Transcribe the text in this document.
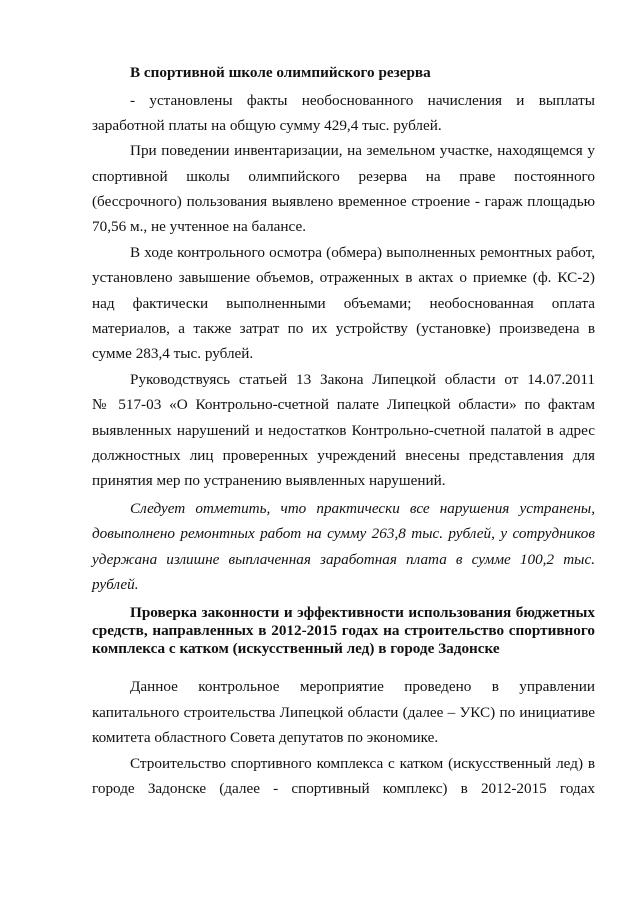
В спортивной школе олимпийского резерва
- установлены факты необоснованного начисления и выплаты
заработной платы на общую сумму 429,4 тыс. рублей.
При поведении инвентаризации, на земельном участке, находящемся у
спортивной школы олимпийского резерва на праве постоянного
(бессрочного) пользования выявлено временное строение - гараж площадью
70,56 м., не учтенное на балансе.
В ходе контрольного осмотра (обмера) выполненных ремонтных работ,
установлено завышение объемов, отраженных в актах о приемке (ф. КС-2)
над фактически выполненными объемами; необоснованная оплата
материалов, а также затрат по их устройству (установке) произведена в
сумме 283,4 тыс. рублей.
Руководствуясь статьей 13 Закона Липецкой области от 14.07.2011
№ 517-03 «О Контрольно-счетной палате Липецкой области» по фактам
выявленных нарушений и недостатков Контрольно-счетной палатой в адрес
должностных лиц проверенных учреждений внесены представления для
принятия мер по устранению выявленных нарушений.
Следует отметить, что практически все нарушения устранены,
довыполнено ремонтных работ на сумму 263,8 тыс. рублей, у сотрудников
удержана излишне выплаченная заработная плата в сумме 100,2 тыс.
рублей.
Проверка законности и эффективности использования бюджетных
средств, направленных в 2012-2015 годах на строительство спортивного
комплекса с катком (искусственный лед) в городе Задонске
Данное контрольное мероприятие проведено в управлении
капитального строительства Липецкой области (далее – УКС) по инициативе
комитета областного Совета депутатов по экономике.
Строительство спортивного комплекса с катком (искусственный лед) в
городе Задонске (далее - спортивный комплекс) в 2012-2015 годах
